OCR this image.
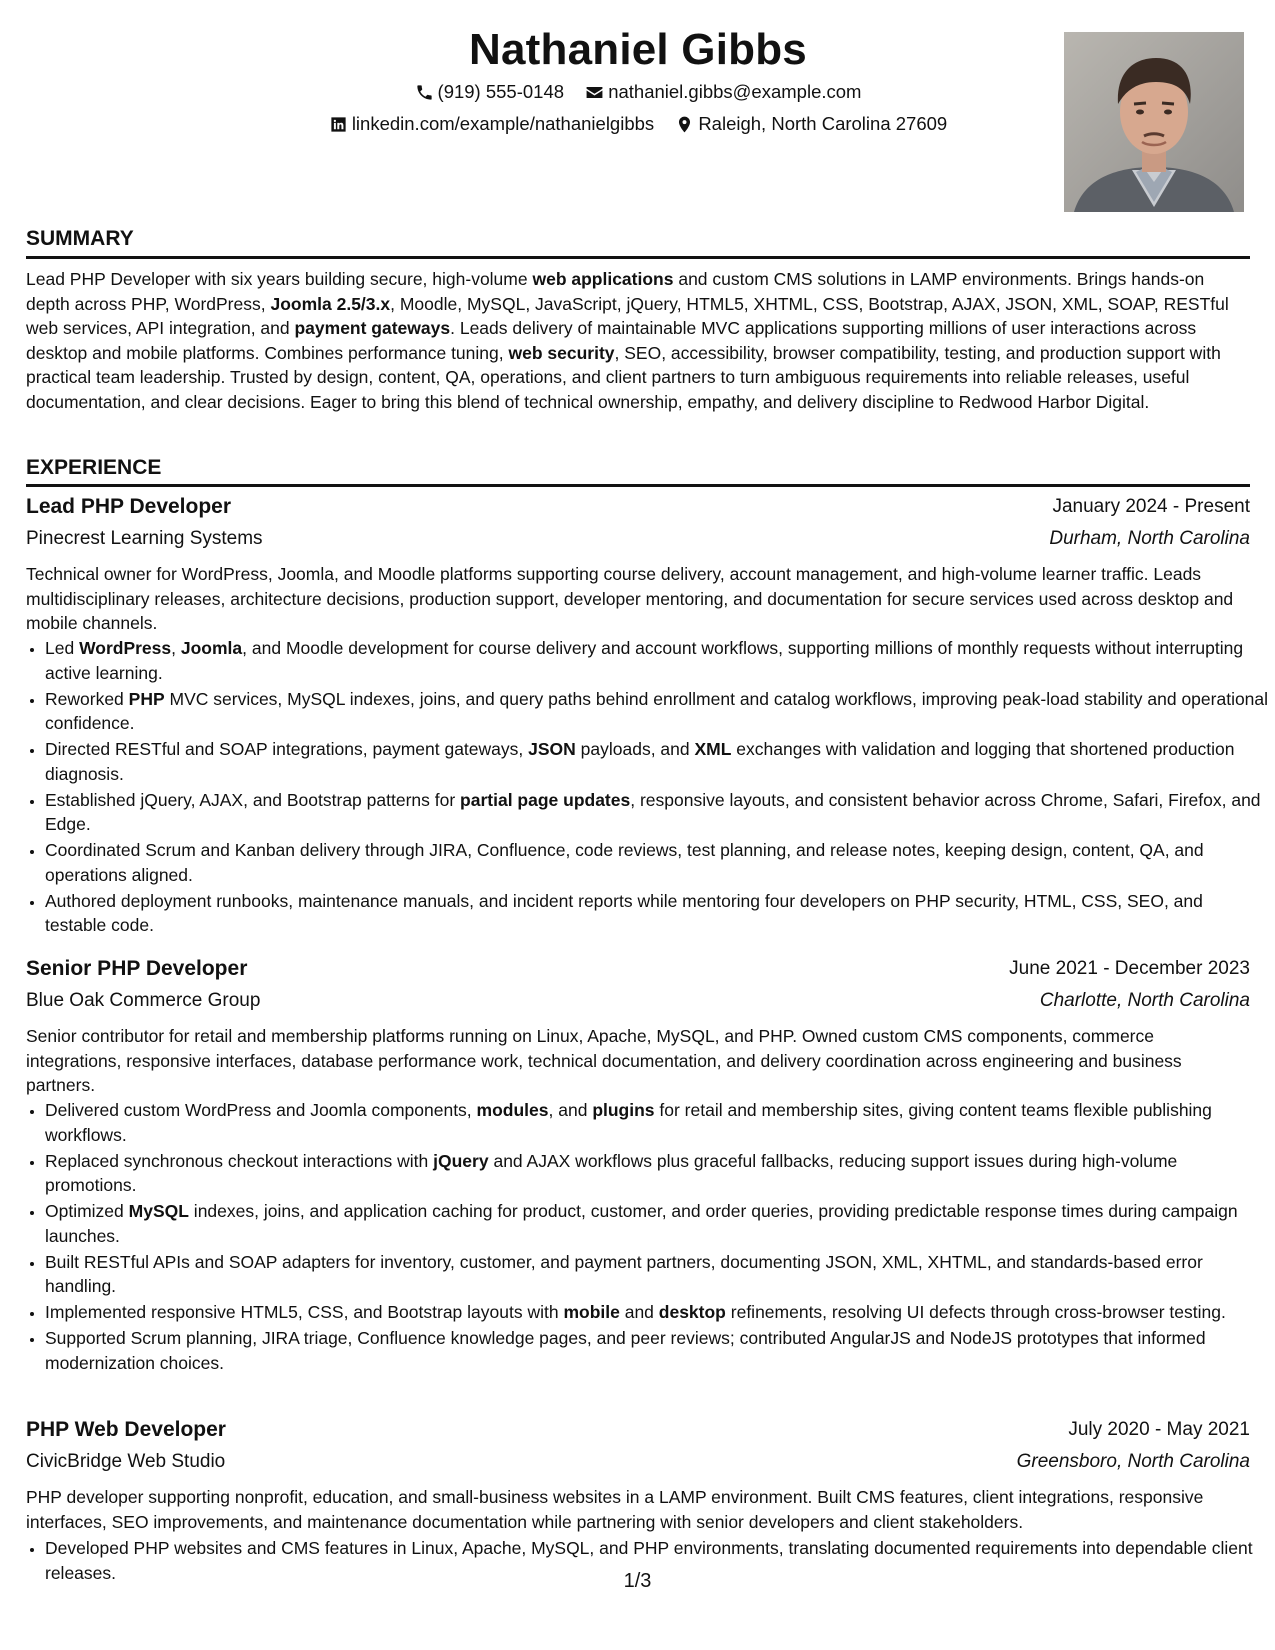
Nathaniel Gibbs
(919) 555-0148
nathaniel.gibbs@example.com
linkedin.com/example/nathanielgibbs
Raleigh, North Carolina 27609
SUMMARY

Lead PHP Developer with six years building secure, high-volume web applications and custom CMS solutions in LAMP environments. Brings hands-on depth across PHP, WordPress, Joomla 2.5/3.x, Moodle, MySQL, JavaScript, jQuery, HTML5, XHTML, CSS, Bootstrap, AJAX, JSON, XML, SOAP, RESTful web services, API integration, and payment gateways. Leads delivery of maintainable MVC applications supporting millions of user interactions across desktop and mobile platforms. Combines performance tuning, web security, SEO, accessibility, browser compatibility, testing, and production support with practical team leadership. Trusted by design, content, QA, operations, and client partners to turn ambiguous requirements into reliable releases, useful documentation, and clear decisions. Eager to bring this blend of technical ownership, empathy, and delivery discipline to Redwood Harbor Digital.

EXPERIENCE
Lead PHP Developer	January 2024 - Present
Pinecrest Learning Systems	Durham, North Carolina

Technical owner for WordPress, Joomla, and Moodle platforms supporting course delivery, account management, and high-volume learner traffic. Leads multidisciplinary releases, architecture decisions, production support, developer mentoring, and documentation for secure services used across desktop and mobile channels.

• Led WordPress, Joomla, and Moodle development for course delivery and account workflows, supporting millions of monthly requests without interrupting active learning.
• Reworked PHP MVC services, MySQL indexes, joins, and query paths behind enrollment and catalog workflows, improving peak-load stability and operational confidence.
• Directed RESTful and SOAP integrations, payment gateways, JSON payloads, and XML exchanges with validation and logging that shortened production diagnosis.
• Established jQuery, AJAX, and Bootstrap patterns for partial page updates, responsive layouts, and consistent behavior across Chrome, Safari, Firefox, and Edge.
• Coordinated Scrum and Kanban delivery through JIRA, Confluence, code reviews, test planning, and release notes, keeping design, content, QA, and operations aligned.
• Authored deployment runbooks, maintenance manuals, and incident reports while mentoring four developers on PHP security, HTML, CSS, SEO, and testable code.
Senior PHP Developer	June 2021 - December 2023
Blue Oak Commerce Group	Charlotte, North Carolina

Senior contributor for retail and membership platforms running on Linux, Apache, MySQL, and PHP. Owned custom CMS components, commerce integrations, responsive interfaces, database performance work, technical documentation, and delivery coordination across engineering and business partners.

• Delivered custom WordPress and Joomla components, modules, and plugins for retail and membership sites, giving content teams flexible publishing workflows.
• Replaced synchronous checkout interactions with jQuery and AJAX workflows plus graceful fallbacks, reducing support issues during high-volume promotions.
• Optimized MySQL indexes, joins, and application caching for product, customer, and order queries, providing predictable response times during campaign launches.
• Built RESTful APIs and SOAP adapters for inventory, customer, and payment partners, documenting JSON, XML, XHTML, and standards-based error handling.
• Implemented responsive HTML5, CSS, and Bootstrap layouts with mobile and desktop refinements, resolving UI defects through cross-browser testing.
• Supported Scrum planning, JIRA triage, Confluence knowledge pages, and peer reviews; contributed AngularJS and NodeJS prototypes that informed modernization choices.
PHP Web Developer	July 2020 - May 2021
CivicBridge Web Studio	Greensboro, North Carolina

PHP developer supporting nonprofit, education, and small-business websites in a LAMP environment. Built CMS features, client integrations, responsive interfaces, SEO improvements, and maintenance documentation while partnering with senior developers and client stakeholders.

• Developed PHP websites and CMS features in Linux, Apache, MySQL, and PHP environments, translating documented requirements into dependable client releases.	1/3
